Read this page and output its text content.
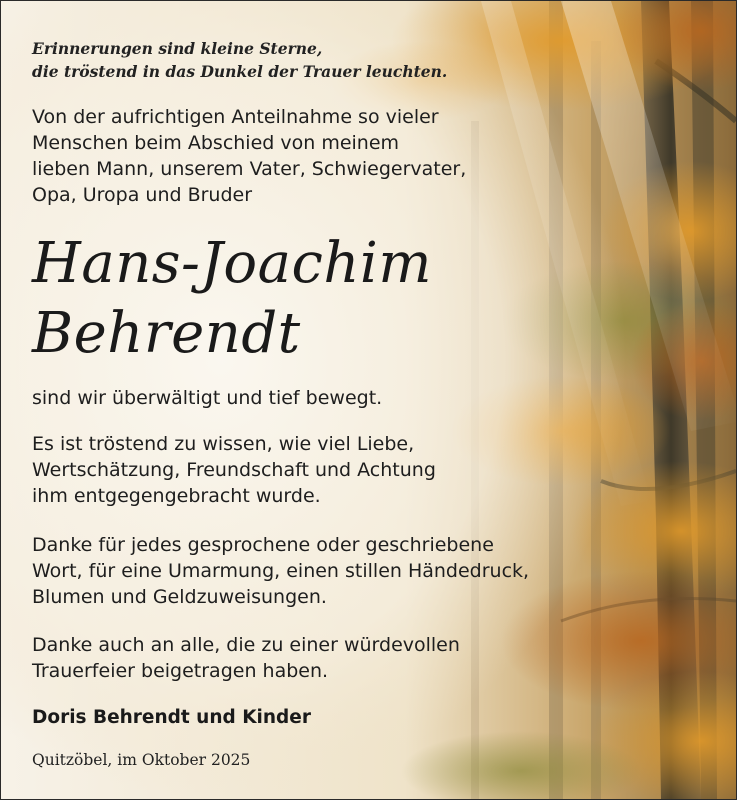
Erinnerungen sind kleine Sterne,
die tröstend in das Dunkel der Trauer leuchten.
Von der aufrichtigen Anteilnahme so vieler
Menschen beim Abschied von meinem
lieben Mann, unserem Vater, Schwiegervater,
Opa, Uropa und Bruder
Hans-Joachim
Behrendt
sind wir überwältigt und tief bewegt.
Es ist tröstend zu wissen, wie viel Liebe,
Wertschätzung, Freundschaft und Achtung
ihm entgegengebracht wurde.
Danke für jedes gesprochene oder geschriebene
Wort, für eine Umarmung, einen stillen Händedruck,
Blumen und Geldzuweisungen.
Danke auch an alle, die zu einer würdevollen
Trauerfeier beigetragen haben.
Doris Behrendt und Kinder
Quitzöbel, im Oktober 2025
